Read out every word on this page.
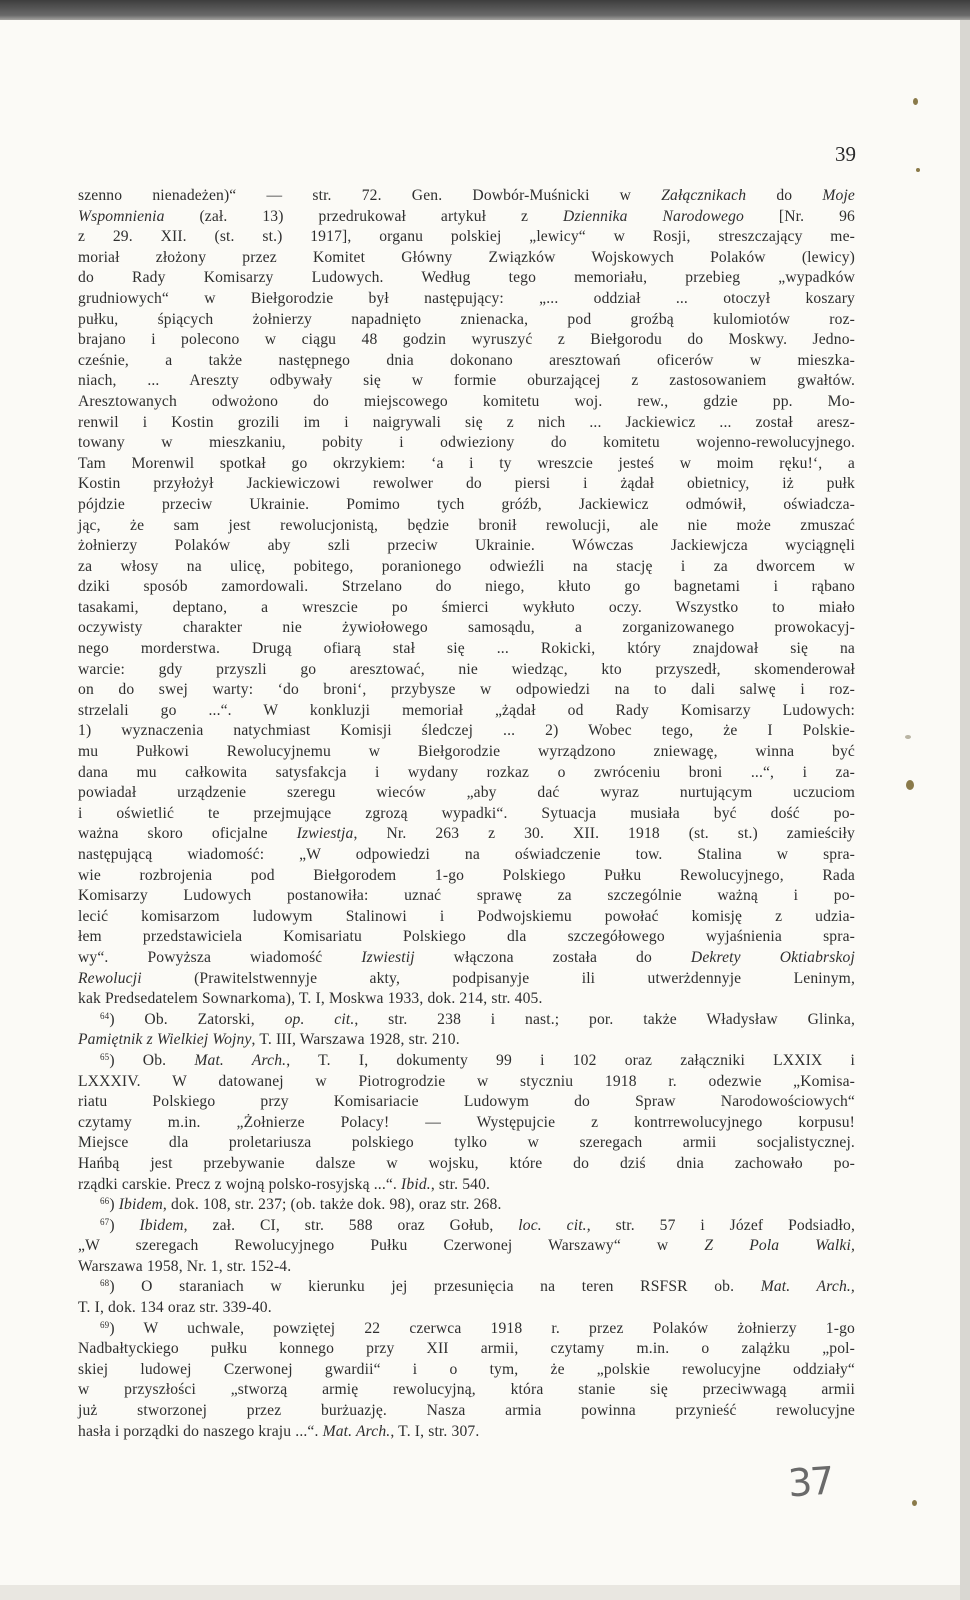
39
szenno nienadeżen)“ — str. 72. Gen. Dowbór-Muśnicki w Załącznikach do Moje
Wspomnienia (zał. 13) przedrukował artykuł z Dziennika Narodowego [Nr. 96
z 29. XII. (st. st.) 1917], organu polskiej „lewicy“ w Rosji, streszczający me-
moriał złożony przez Komitet Główny Związków Wojskowych Polaków (lewicy)
do Rady Komisarzy Ludowych. Według tego memoriału, przebieg „wypadków
grudniowych“ w Biełgorodzie był następujący: „... oddział ... otoczył koszary
pułku, śpiących żołnierzy napadnięto znienacka, pod groźbą kulomiotów roz-
brajano i polecono w ciągu 48 godzin wyruszyć z Biełgorodu do Moskwy. Jedno-
cześnie, a także następnego dnia dokonano aresztowań oficerów w mieszka-
niach, ... Areszty odbywały się w formie oburzającej z zastosowaniem gwałtów.
Aresztowanych odwożono do miejscowego komitetu woj. rew., gdzie pp. Mo-
renwil i Kostin grozili im i naigrywali się z nich ... Jackiewicz ... został aresz-
towany w mieszkaniu, pobity i odwieziony do komitetu wojenno-rewolucyjnego.
Tam Morenwil spotkał go okrzykiem: ‘a i ty wreszcie jesteś w moim ręku!‘, a
Kostin przyłożył Jackiewiczowi rewolwer do piersi i żądał obietnicy, iż pułk
pójdzie przeciw Ukrainie. Pomimo tych gróźb, Jackiewicz odmówił, oświadcza-
jąc, że sam jest rewolucjonistą, będzie bronił rewolucji, ale nie może zmuszać
żołnierzy Polaków aby szli przeciw Ukrainie. Wówczas Jackiewjcza wyciągnęli
za włosy na ulicę, pobitego, poranionego odwieźli na stację i za dworcem w
dziki sposób zamordowali. Strzelano do niego, kłuto go bagnetami i rąbano
tasakami, deptano, a wreszcie po śmierci wykłuto oczy. Wszystko to miało
oczywisty charakter nie żywiołowego samosądu, a zorganizowanego prowokacyj-
nego morderstwa. Drugą ofiarą stał się ... Rokicki, który znajdował się na
warcie: gdy przyszli go aresztować, nie wiedząc, kto przyszedł, skomenderował
on do swej warty: ‘do broni‘, przybysze w odpowiedzi na to dali salwę i roz-
strzelali go ...“. W konkluzji memoriał „żądał od Rady Komisarzy Ludowych:
1) wyznaczenia natychmiast Komisji śledczej ... 2) Wobec tego, że I Polskie-
mu Pułkowi Rewolucyjnemu w Biełgorodzie wyrządzono zniewagę, winna być
dana mu całkowita satysfakcja i wydany rozkaz o zwróceniu broni ...“, i za-
powiadał urządzenie szeregu wieców „aby dać wyraz nurtującym uczuciom
i oświetlić te przejmujące zgrozą wypadki“. Sytuacja musiała być dość po-
ważna skoro oficjalne Izwiestja, Nr. 263 z 30. XII. 1918 (st. st.) zamieściły
następującą wiadomość: „W odpowiedzi na oświadczenie tow. Stalina w spra-
wie rozbrojenia pod Biełgorodem 1-go Polskiego Pułku Rewolucyjnego, Rada
Komisarzy Ludowych postanowiła: uznać sprawę za szczególnie ważną i po-
lecić komisarzom ludowym Stalinowi i Podwojskiemu powołać komisję z udzia-
łem przedstawiciela Komisariatu Polskiego dla szczegółowego wyjaśnienia spra-
wy“. Powyższa wiadomość Izwiestij włączona została do Dekrety Oktiabrskoj
Rewolucji (Prawitelstwennyje akty, podpisanyje ili utwerżdennyje Leninym,
kak Predsedatelem Sownarkoma), T. I, Moskwa 1933, dok. 214, str. 405.
$^{64}$) Ob. Zatorski, op. cit., str. 238 i nast.; por. także Władysław Glinka,
Pamiętnik z Wielkiej Wojny, T. III, Warszawa 1928, str. 210.
$^{65}$) Ob. Mat. Arch., T. I, dokumenty 99 i 102 oraz załączniki LXXIX i
LXXXIV. W datowanej w Piotrogrodzie w styczniu 1918 r. odezwie „Komisa-
riatu Polskiego przy Komisariacie Ludowym do Spraw Narodowościowych“
czytamy m.in. „Żołnierze Polacy! — Występujcie z kontrrewolucyjnego korpusu!
Miejsce dla proletariusza polskiego tylko w szeregach armii socjalistycznej.
Hańbą jest przebywanie dalsze w wojsku, które do dziś dnia zachowało po-
rządki carskie. Precz z wojną polsko-rosyjską ...“. Ibid., str. 540.
$^{66}$) Ibidem, dok. 108, str. 237; (ob. także dok. 98), oraz str. 268.
$^{67}$) Ibidem, zał. CI, str. 588 oraz Gołub, loc. cit., str. 57 i Józef Podsiadło,
„W szeregach Rewolucyjnego Pułku Czerwonej Warszawy“ w Z Pola Walki,
Warszawa 1958, Nr. 1, str. 152-4.
$^{68}$) O staraniach w kierunku jej przesunięcia na teren RSFSR ob. Mat. Arch.,
T. I, dok. 134 oraz str. 339-40.
$^{69}$) W uchwale, powziętej 22 czerwca 1918 r. przez Polaków żołnierzy 1-go
Nadbałtyckiego pułku konnego przy XII armii, czytamy m.in. o zalążku „pol-
skiej ludowej Czerwonej gwardii“ i o tym, że „polskie rewolucyjne oddziały“
w przyszłości „stworzą armię rewolucyjną, która stanie się przeciwwagą armii
już stworzonej przez burżuazję. Nasza armia powinna przynieść rewolucyjne
hasła i porządki do naszego kraju ...“. Mat. Arch., T. I, str. 307.
37
